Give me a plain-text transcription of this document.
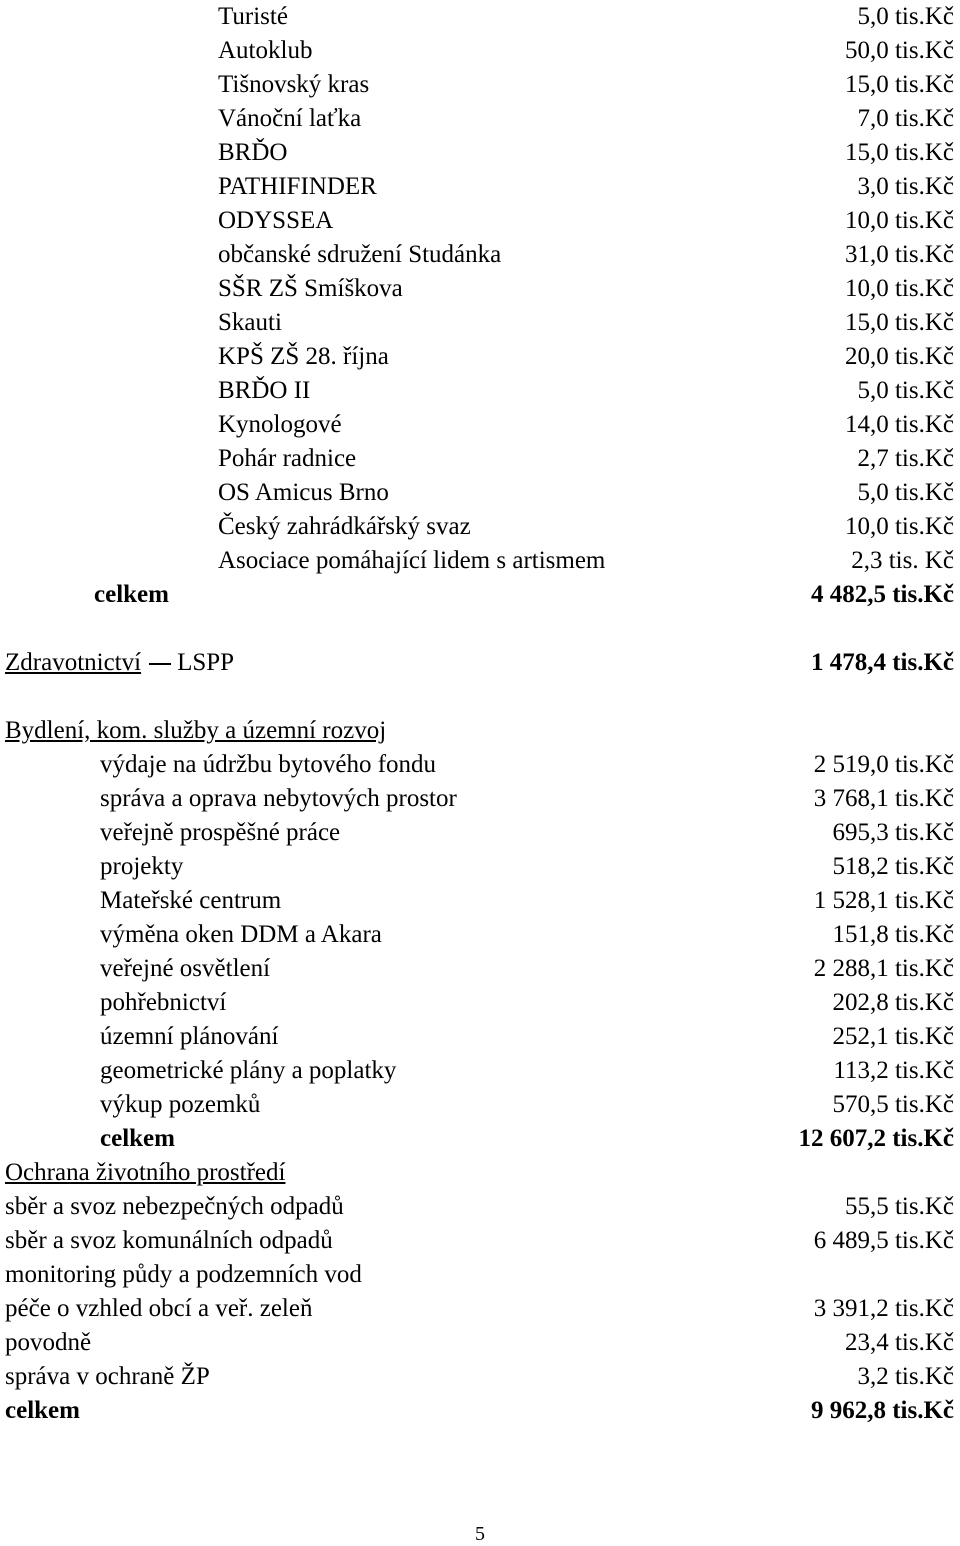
Turisté	5,0 tis.Kč
Autoklub	50,0 tis.Kč
Tišnovský kras	15,0 tis.Kč
Vánoční laťka	7,0 tis.Kč
BRĎO	15,0 tis.Kč
PATHIFINDER	3,0 tis.Kč
ODYSSEA	10,0 tis.Kč
občanské sdružení Studánka	31,0 tis.Kč
SŠR ZŠ Smíškova	10,0 tis.Kč
Skauti	15,0 tis.Kč
KPŠ ZŠ 28. října	20,0 tis.Kč
BRĎO II	5,0 tis.Kč
Kynologové	14,0 tis.Kč
Pohár radnice	2,7 tis.Kč
OS Amicus Brno	5,0 tis.Kč
Český zahrádkářský svaz	10,0 tis.Kč
Asociace pomáhající lidem s artismem	2,3 tis. Kč
celkem	4 482,5 tis.Kč
Zdravotnictví LSPP	1 478,4 tis.Kč
Bydlení, kom. služby a územní rozvoj
výdaje na údržbu bytového fondu	2 519,0 tis.Kč
správa a oprava nebytových prostor	3 768,1 tis.Kč
veřejně prospěšné práce	695,3 tis.Kč
projekty	518,2 tis.Kč
Mateřské centrum	1 528,1 tis.Kč
výměna oken DDM a Akara	151,8 tis.Kč
veřejné osvětlení	2 288,1 tis.Kč
pohřebnictví	202,8 tis.Kč
územní plánování	252,1 tis.Kč
geometrické plány a poplatky	113,2 tis.Kč
výkup pozemků	570,5 tis.Kč
celkem	12 607,2 tis.Kč
Ochrana životního prostředí
sběr a svoz nebezpečných odpadů	55,5 tis.Kč
sběr a svoz komunálních odpadů	6 489,5 tis.Kč
monitoring půdy a podzemních vod
péče o vzhled obcí a veř. zeleň	3 391,2 tis.Kč
povodně	23,4 tis.Kč
správa v ochraně ŽP	3,2 tis.Kč
celkem	9 962,8 tis.Kč
5
